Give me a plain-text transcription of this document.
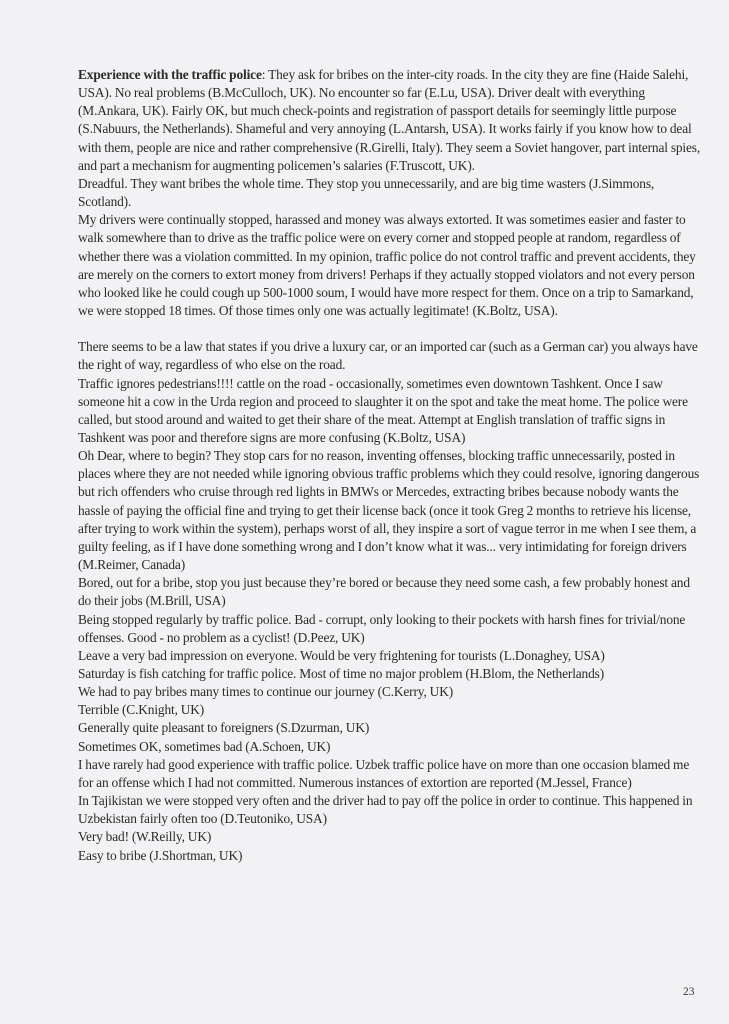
Experience with the traffic police: They ask for bribes on the inter-city roads. In the city they are fine (Haide Salehi, USA). No real problems (B.McCulloch, UK). No encounter so far (E.Lu, USA). Driver dealt with everything (M.Ankara, UK). Fairly OK, but much check-points and registration of passport details for seemingly little purpose (S.Nabuurs, the Netherlands). Shameful and very annoying (L.Antarsh, USA). It works fairly if you know how to deal with them, people are nice and rather comprehensive (R.Girelli, Italy). They seem a Soviet hangover, part internal spies, and part a mechanism for augmenting policemen’s salaries (F.Truscott, UK).

Dreadful. They want bribes the whole time. They stop you unnecessarily, and are big time wasters (J.Simmons, Scotland).

My drivers were continually stopped, harassed and money was always extorted. It was sometimes easier and faster to walk somewhere than to drive as the traffic police were on every corner and stopped people at random, regardless of whether there was a violation committed. In my opinion, traffic police do not control traffic and prevent accidents, they are merely on the corners to extort money from drivers! Perhaps if they actually stopped violators and not every person who looked like he could cough up 500-1000 soum, I would have more respect for them. Once on a trip to Samarkand, we were stopped 18 times. Of those times only one was actually legitimate! (K.Boltz, USA).

There seems to be a law that states if you drive a luxury car, or an imported car (such as a German car) you always have the right of way, regardless of who else on the road.

Traffic ignores pedestrians!!!! cattle on the road - occasionally, sometimes even downtown Tashkent. Once I saw someone hit a cow in the Urda region and proceed to slaughter it on the spot and take the meat home. The police were called, but stood around and waited to get their share of the meat. Attempt at English translation of traffic signs in Tashkent was poor and therefore signs are more confusing (K.Boltz, USA)

Oh Dear, where to begin? They stop cars for no reason, inventing offenses, blocking traffic unnecessarily, posted in places where they are not needed while ignoring obvious traffic problems which they could resolve, ignoring dangerous but rich offenders who cruise through red lights in BMWs or Mercedes, extracting bribes because nobody wants the hassle of paying the official fine and trying to get their license back (once it took Greg 2 months to retrieve his license, after trying to work within the system), perhaps worst of all, they inspire a sort of vague terror in me when I see them, a guilty feeling, as if I have done something wrong and I don’t know what it was... very intimidating for foreign drivers (M.Reimer, Canada)

Bored, out for a bribe, stop you just because they’re bored or because they need some cash, a few probably honest and do their jobs (M.Brill, USA)

Being stopped regularly by traffic police. Bad - corrupt, only looking to their pockets with harsh fines for trivial/none offenses. Good - no problem as a cyclist! (D.Peez, UK)

Leave a very bad impression on everyone. Would be very frightening for tourists (L.Donaghey, USA)

Saturday is fish catching for traffic police. Most of time no major problem (H.Blom, the Netherlands)

We had to pay bribes many times to continue our journey (C.Kerry, UK)

Terrible (C.Knight, UK)

Generally quite pleasant to foreigners (S.Dzurman, UK)

Sometimes OK, sometimes bad (A.Schoen, UK)

I have rarely had good experience with traffic police. Uzbek traffic police have on more than one occasion blamed me for an offense which I had not committed. Numerous instances of extortion are reported (M.Jessel, France)

In Tajikistan we were stopped very often and the driver had to pay off the police in order to continue. This happened in Uzbekistan fairly often too (D.Teutoniko, USA)

Very bad! (W.Reilly, UK)

Easy to bribe (J.Shortman, UK)

23
